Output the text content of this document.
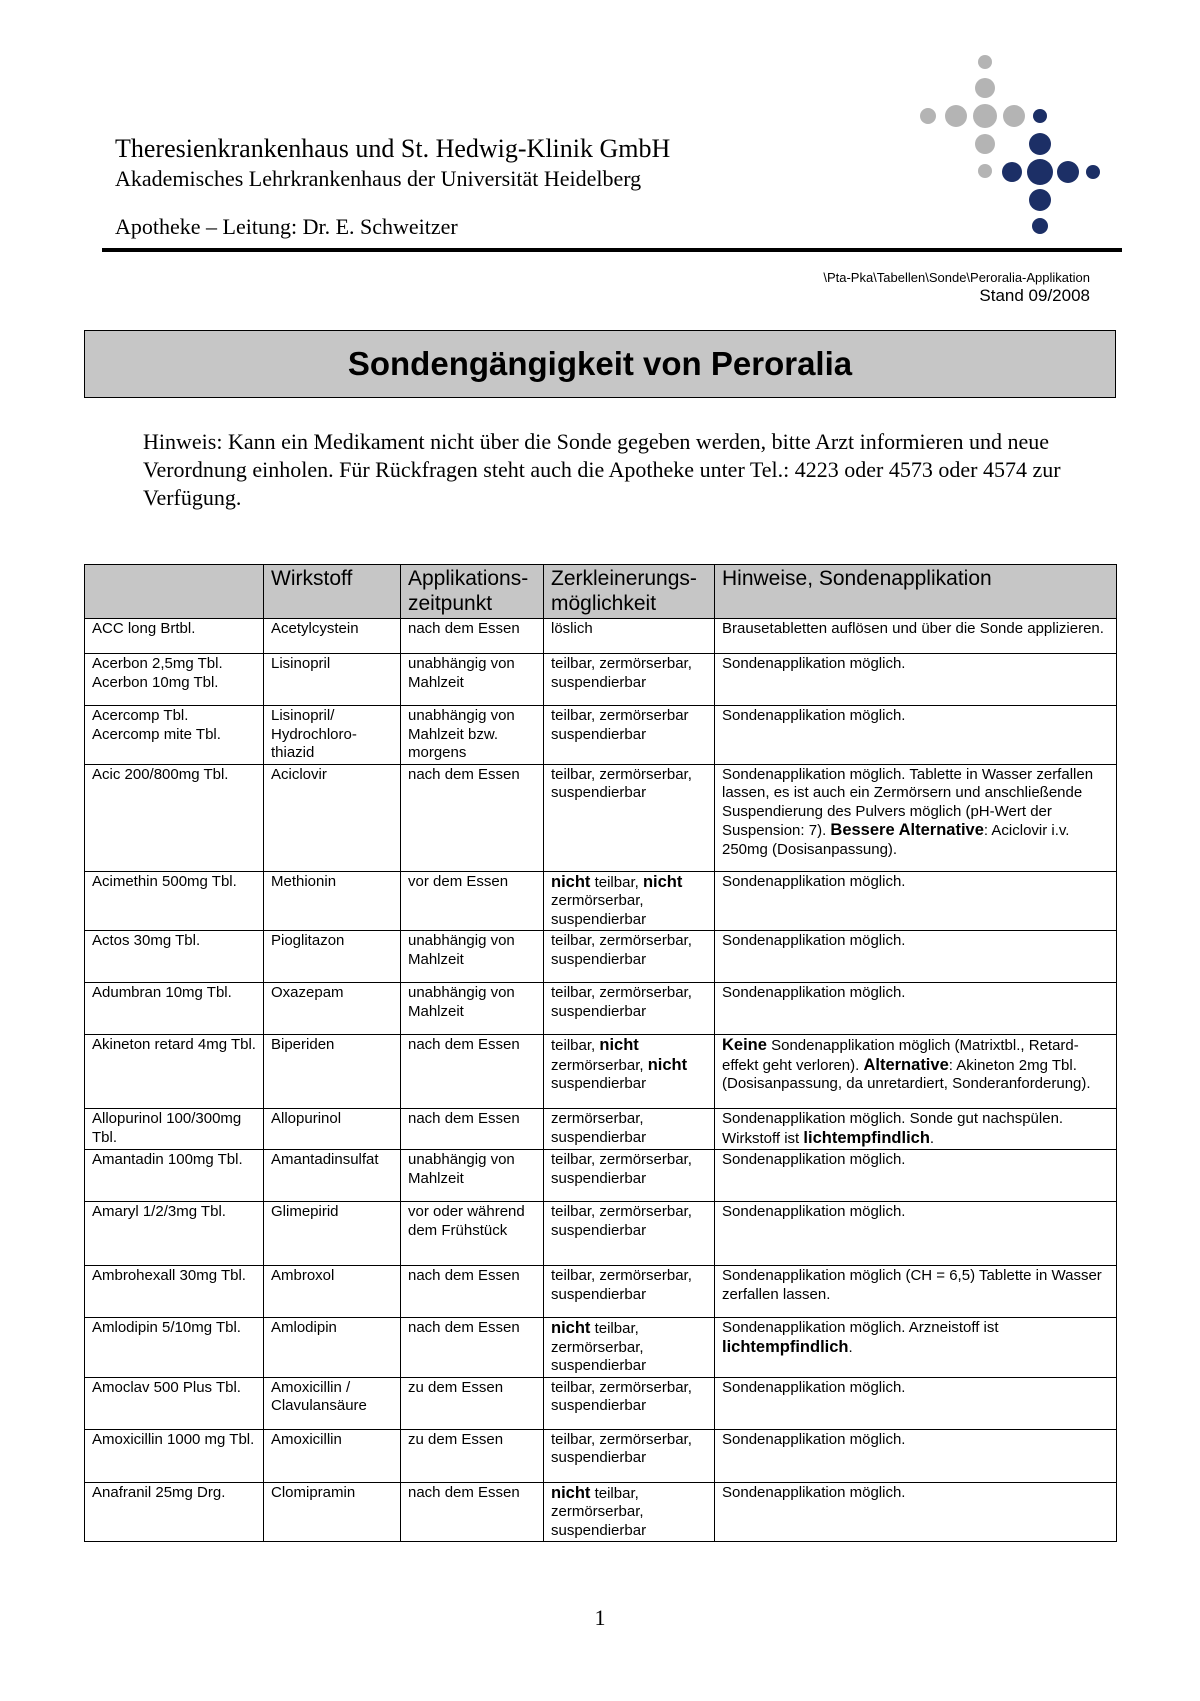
Theresienkrankenhaus und St. Hedwig-Klinik GmbH
Akademisches Lehrkrankenhaus der Universität Heidelberg
Apotheke – Leitung: Dr. E. Schweitzer
\Pta-Pka\Tabellen\Sonde\Peroralia-Applikation
Stand 09/2008
Sondengängigkeit von Peroralia
Hinweis: Kann ein Medikament nicht über die Sonde gegeben werden, bitte Arzt informieren und neue Verordnung einholen. Für Rückfragen steht auch die Apotheke unter Tel.: 4223 oder 4573 oder 4574 zur Verfügung.
	Wirkstoff	Applikations-zeitpunkt	Zerkleinerungs-möglichkeit	Hinweise, Sondenapplikation
ACC long Brtbl.	Acetylcystein	nach dem Essen	löslich	Brausetabletten auflösen und über die Sonde applizieren.
Acerbon 2,5mg Tbl. Acerbon 10mg Tbl.	Lisinopril	unabhängig von Mahlzeit	teilbar, zermörserbar, suspendierbar	Sondenapplikation möglich.
Acercomp Tbl. Acercomp mite Tbl.	Lisinopril/ Hydrochloro-thiazid	unabhängig von Mahlzeit bzw. morgens	teilbar, zermörserbar suspendierbar	Sondenapplikation möglich.
Acic 200/800mg Tbl.	Aciclovir	nach dem Essen	teilbar, zermörserbar, suspendierbar	Sondenapplikation möglich. Tablette in Wasser zerfallen lassen, es ist auch ein Zermörsern und anschließende Suspendierung des Pulvers möglich (pH-Wert der Suspension: 7). Bessere Alternative: Aciclovir i.v. 250mg (Dosisanpassung).
Acimethin 500mg Tbl.	Methionin	vor dem Essen	nicht teilbar, nicht zermörserbar, suspendierbar	Sondenapplikation möglich.
Actos 30mg Tbl.	Pioglitazon	unabhängig von Mahlzeit	teilbar, zermörserbar, suspendierbar	Sondenapplikation möglich.
Adumbran 10mg Tbl.	Oxazepam	unabhängig von Mahlzeit	teilbar, zermörserbar, suspendierbar	Sondenapplikation möglich.
Akineton retard 4mg Tbl.	Biperiden	nach dem Essen	teilbar, nicht zermörserbar, nicht suspendierbar	Keine Sondenapplikation möglich (Matrixtbl., Retard-effekt geht verloren). Alternative: Akineton 2mg Tbl. (Dosisanpassung, da unretardiert, Sonderanforderung).
Allopurinol 100/300mg Tbl.	Allopurinol	nach dem Essen	zermörserbar, suspendierbar	Sondenapplikation möglich. Sonde gut nachspülen. Wirkstoff ist lichtempfindlich.
Amantadin 100mg Tbl.	Amantadinsulfat	unabhängig von Mahlzeit	teilbar, zermörserbar, suspendierbar	Sondenapplikation möglich.
Amaryl 1/2/3mg Tbl.	Glimepirid	vor oder während dem Frühstück	teilbar, zermörserbar, suspendierbar	Sondenapplikation möglich.
Ambrohexall 30mg Tbl.	Ambroxol	nach dem Essen	teilbar, zermörserbar, suspendierbar	Sondenapplikation möglich (CH = 6,5) Tablette in Wasser zerfallen lassen.
Amlodipin 5/10mg Tbl.	Amlodipin	nach dem Essen	nicht teilbar, zermörserbar, suspendierbar	Sondenapplikation möglich. Arzneistoff ist lichtempfindlich.
Amoclav 500 Plus Tbl.	Amoxicillin / Clavulansäure	zu dem Essen	teilbar, zermörserbar, suspendierbar	Sondenapplikation möglich.
Amoxicillin 1000 mg Tbl.	Amoxicillin	zu dem Essen	teilbar, zermörserbar, suspendierbar	Sondenapplikation möglich.
Anafranil 25mg Drg.	Clomipramin	nach dem Essen	nicht teilbar, zermörserbar, suspendierbar	Sondenapplikation möglich.
1
